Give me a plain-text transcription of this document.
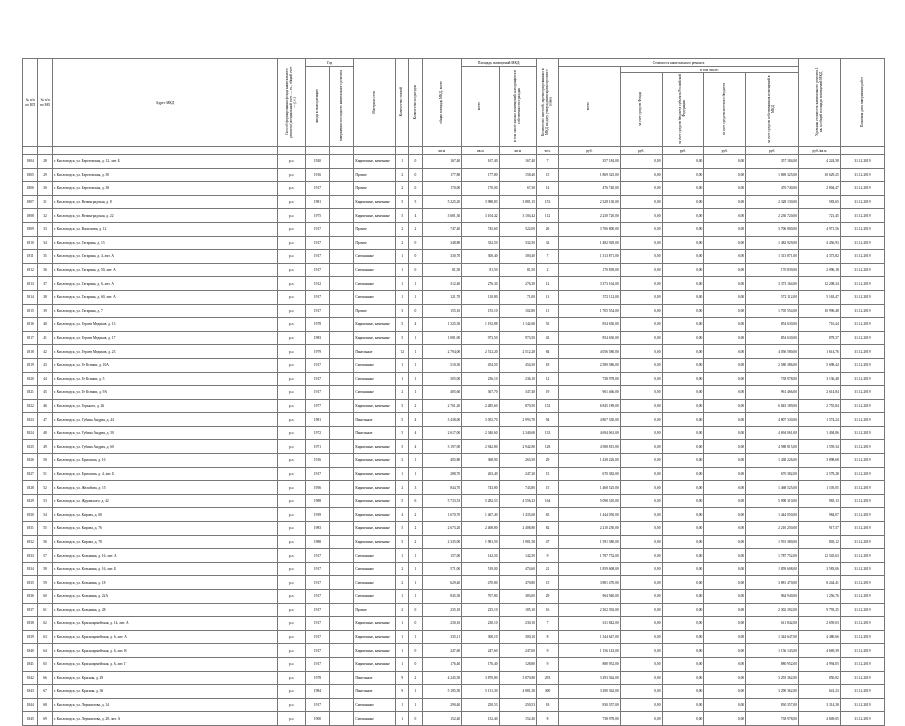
№ п/п по КП	№ п/п по МО	Адрес МКД	Способ формирования фонда капитального ремонта (специальный счет — сч., общий счет — р.о.)	Год		Материал стен	Количество этажей	Количество подъездов	общая площадь МКД, всего	Площадь помещений МКД:		Количество жителей, зарегистрированных в МКД на дату утверждения краткосрочного плана	Стоимость капитального ремонта					Удельная стоимость капитального ремонта 1 кв. м общей площади помещений МКД	Плановая дата завершения работ
				ввода в эксплуатацию	завершения последнего капитального ремонта					всего	в том числе жилых помещений, находящихся в собственности граждан		всего	в том числе:					
														за счет средств Фонда	за счет средств бюджета субъекта Российской Федерации	за счет средств местного бюджета	за счет средств собственников помещений в МКД		
									кв.м	кв.м	кв.м	чел.	руб.	руб.	руб.	руб.	руб.	руб./кв.м	
1804	28	г. Кисловодск, ул. Березовская, д. 12, лит. Б	р.о.	1920		Кирпичные, каменные	1	0	167,40	167,40	167,40	7	357 184,00	0,00	0,00	0,00	357 184,00	4 224,58	31.12.2019
1805	29	г. Кисловодск, ул. Березовская, д. 50	р.о.	1916		Прочие	2	0	177,80	177,80	158,40	15	1 869 325,00	0,00	0,00	0,00	1 869 325,00	10 629,25	31.12.2019
1806	30	г. Кисловодск, ул. Березовская, д. 38	р.о.	1917		Прочие	2	0	170,00	170,00	67,30	14	476 740,00	0,00	0,00	0,00	476 740,00	2 804,47	31.12.2019
1807	31	г. Кисловодск, ул. Велинградская, д. 8	р.о.	1981		Кирпичные, каменные	5	5	5 225,20	3 988,83	3 881,15	153	2 328 130,00	0,00	0,00	0,00	2 328 130,00	583,65	31.12.2019
1808	32	г. Кисловодск, ул. Велинградская, д. 22	р.о.	1975		Кирпичные, каменные	5	4	3 681,30	3 104,42	3 104,42	112	2 230 720,00	0,00	0,00	0,00	2 230 720,00	721,45	31.12.2019
1809	33	г. Кисловодск, ул. Васильева, д. 12	р.о.	1917		Прочие	2	2	747,40	745,60	522,00	26	3 706 800,00	0,00	0,00	0,00	3 706 800,00	4 971,56	31.12.2019
1810	34	г. Кисловодск, ул. Гагарина, д. 13	р.о.	1917		Прочие	2	0	348,80	332,50	332,50	32	1 482 929,00	0,00	0,00	0,00	1 482 929,00	4 456,93	31.12.2019
1811	35	г. Кисловодск, ул. Гагарина, д. 4, лит. А	р.о.	1917		Смешанные	1	0	330,70	300,40	300,40	7	1 313 871,00	0,00	0,00	0,00	1 313 871,00	4 373,82	31.12.2019
1812	36	г. Кисловодск, ул. Гагарина, д. 50, лит. А	р.о.	1917		Смешанные	1	0	81,50	81,50	81,50	2	170 839,00	0,00	0,00	0,00	170 839,00	2 096,18	31.12.2019
1813	37	г. Кисловодск, ул. Гагарина, д. 6, лит. А	р.о.	1912		Смешанные	1	1	312,40	276,30	276,30	12	3 373 164,00	0,00	0,00	0,00	3 373 164,00	12 208,34	31.12.2019
1814	38	г. Кисловодск, ул. Гагарина, д. 60, лит. А	р.о.	1917		Смешанные	1	1	121,70	110,80	71,00	11	572 112,00	0,00	0,00	0,00	572 112,00	5 163,47	31.12.2019
1815	39	г. Кисловодск, ул. Гагарина, д. 7	р.о.	1917		Прочие	3	0	155,10	155,10	102,80	11	1 705 554,00	0,00	0,00	0,00	1 705 554,00	10 996,48	31.12.2019
1816	40	г. Кисловодск, ул. Героев Медиков, д. 13	р.о.	1978		Кирпичные, каменные	5	4	1 325,30	1 192,88	1 142,60	53	854 630,00	0,00	0,00	0,00	854 630,00	716,44	31.12.2019
1817	41	г. Кисловодск, ул. Героев Медиков, д. 17	р.о.	1983		Кирпичные, каменные	5	1	1 081,00	973,50	973,50	43	854 630,00	0,00	0,00	0,00	854 630,00	878,37	31.12.2019
1818	42	г. Кисловодск, ул. Героев Медиков, д. 23	р.о.	1979		Панельные	12	1	2 794,00	2 512,20	2 512,20	84	4 056 580,00	0,00	0,00	0,00	4 056 580,00	1 614,76	31.12.2019
1819	43	г. Кисловодск, ул. Ге Ксении, д. 10А	р.о.	1917		Смешанные	1	1	510,30	454,50	454,50	18	2 580 386,00	0,00	0,00	0,00	2 580 386,00	5 698,44	31.12.2019
1820	44	г. Кисловодск, ул. Ге Ксении, д. 5	р.о.	1917		Смешанные	1	1	305,00	236,10	236,10	12	738 978,00	0,00	0,00	0,00	738 978,00	3 136,48	31.12.2019
1821	45	г. Кисловодск, ул. Ге Ксении, д. 9А	р.о.	1917		Смешанные	2	1	405,60	367,70	347,40	19	961 466,00	0,00	0,00	0,00	961 466,00	2 614,84	31.12.2019
1822	46	г. Кисловодск, ул. Горького, д. 26	р.о.	1977		Кирпичные, каменные	5	2	2 761,20	2 485,60	870,50	152	6 845 189,00	0,00	0,00	0,00	6 845 189,00	2 755,84	31.12.2019
1823	47	г. Кисловодск, ул. Губина Андрея, д. 44	р.о.	1981		Панельные	5	4	3 438,00	3 053,70	2 993,70	94	4 807 330,00	0,00	0,00	0,00	4 807 330,00	1 574,24	31.12.2019
1824	48	г. Кисловодск, ул. Губина Андрея, д. 50	р.о.	1972		Панельные	5	4	2 617,00	2 340,60	2 340,60	133	4 694 061,00	0,00	0,00	0,00	4 694 061,00	1 494,86	31.12.2019
1825	49	г. Кисловодск, ул. Губина Андрея, д. 60	р.о.	1971		Кирпичные, каменные	5	4	3 197,00	2 942,80	2 942,80	128	4 588 815,00	0,00	0,00	0,00	4 588 815,00	1 559,34	31.12.2019
1826	50	г. Кисловодск, ул. Ермолова, д. 16	р.о.	1916		Кирпичные, каменные	3	1	405,80	368,90	263,50	29	1 438 226,00	0,00	0,00	0,00	1 438 226,00	3 898,68	31.12.2019
1827	51	г. Кисловодск, ул. Ермолова, д. 4, лит. Б	р.о.	1917		Кирпичные, каменные	1	1	288,70	263,40	247,20	15	670 382,00	0,00	0,00	0,00	670 382,00	2 578,28	31.12.2019
1828	52	г. Кисловодск, ул. Желябова, д. 15	р.о.	1956		Кирпичные, каменные	2	3	844,70	743,80	743,80	15	1 468 525,00	0,00	0,00	0,00	1 468 525,00	1 105,05	31.12.2019
1829	53	г. Кисловодск, ул. Журавского, д. 42	р.о.	1988		Кирпичные, каменные	5	6	5 733,53	5 282,53	4 556,23	164	5 098 310,00	0,00	0,00	0,00	5 098 310,00	965,13	31.12.2019
1830	54	г. Кисловодск, ул. Кирова, д. 68	р.о.	1939		Кирпичные, каменные	4	2	1 670,70	1 467,40	1 435,60	65	1 444 050,00	0,00	0,00	0,00	1 444 050,00	984,07	31.12.2019
1831	55	г. Кисловодск, ул. Кирова, д. 76	р.о.	1983		Кирпичные, каменные	5	2	2 673,20	2 408,80	2 408,80	82	2 210 250,00	0,00	0,00	0,00	2 210 250,00	917,57	31.12.2019
1832	56	г. Кисловодск, ул. Кирова, д. 78	р.о.	1988		Кирпичные, каменные	5	2	2 335,00	1 981,50	1 981,50	47	1 591 380,00	0,00	0,00	0,00	1 591 380,00	803,12	31.12.2019
1833	57	г. Кисловодск, ул. Козьмина, д. 16, лит. А	р.о.	1917		Смешанные	1	1	157,00	142,50	142,50	9	1 787 752,00	0,00	0,00	0,00	1 787 752,00	12 545,63	31.12.2019
1834	58	г. Кисловодск, ул. Козьмина, д. 16, лит. Б	р.о.	1917		Смешанные	2	1	571,00	519,00	474,60	21	1 859 608,00	0,00	0,00	0,00	1 859 608,00	3 583,06	31.12.2019
1835	59	г. Кисловодск, ул. Козьмина, д. 18	р.о.	1917		Смешанные	2	1	629,40	470,80	470,80	15	3 881 470,00	0,00	0,00	0,00	3 881 470,00	8 244,41	31.12.2019
1836	60	г. Кисловодск, ул. Козьмина, д. 22А	р.о.	1917		Смешанные	1	1	845,30	767,80	383,00	29	964 940,00	0,00	0,00	0,00	964 940,00	1 256,76	31.12.2019
1837	61	г. Кисловодск, ул. Козьмина, д. 28	р.о.	1917		Прочие	2	0	235,10	235,10	185,10	16	2 302 392,00	0,00	0,00	0,00	2 302 392,00	9 793,25	31.12.2019
1838	62	г. Кисловодск, ул. Красноармейская, д. 14, лит. А	р.о.	1917		Кирпичные, каменные	1	0	230,10	230,10	230,10	7	611 842,00	0,00	0,00	0,00	611 842,00	2 659,03	31.12.2019
1839	63	г. Кисловодск, ул. Красноармейская, д. 6, лит. А	р.о.	1917		Кирпичные, каменные	1	1	335,11	300,10	300,10	8	1 344 647,00	0,00	0,00	0,00	1 344 647,00	4 480,66	31.12.2019
1840	64	г. Кисловодск, ул. Красноармейская, д. 6, лит. В	р.о.	1917		Кирпичные, каменные	1	0	247,60	247,60	247,60	9	1 156 143,00	0,00	0,00	0,00	1 156 143,00	4 669,39	31.12.2019
1841	65	г. Кисловодск, ул. Красноармейская, д. 6, лит. Г	р.о.	1917		Кирпичные, каменные	1	0	176,40	176,40	128,80	9	880 952,00	0,00	0,00	0,00	880 952,00	4 994,05	31.12.2019
1842	66	г. Кисловодск, ул. Красная, д. 29	р.о.	1978		Панельные	9	2	4 245,50	3 870,80	3 870,80	293	3 293 362,00	0,00	0,00	0,00	3 293 362,00	850,82	31.12.2019
1843	67	г. Кисловодск, ул. Красная, д. 36	р.о.	1984		Панельные	9	1	5 185,50	5 131,30	4 881,30	300	3 290 362,00	0,00	0,00	0,00	3 290 362,00	641,23	31.12.2019
1844	68	г. Кисловодск, ул. Лермонтова, д. 14	р.о.	1917		Смешанные	1	1	290,40	250,53	250,53	18	830 357,00	0,00	0,00	0,00	830 357,00	3 314,38	31.12.2019
1845	69	г. Кисловодск, ул. Лермонтова, д. 28, лит. А	р.о.	1900		Смешанные	1	0	152,40	152,40	152,40	8	738 978,00	0,00	0,00	0,00	738 978,00	4 849,05	31.12.2019
